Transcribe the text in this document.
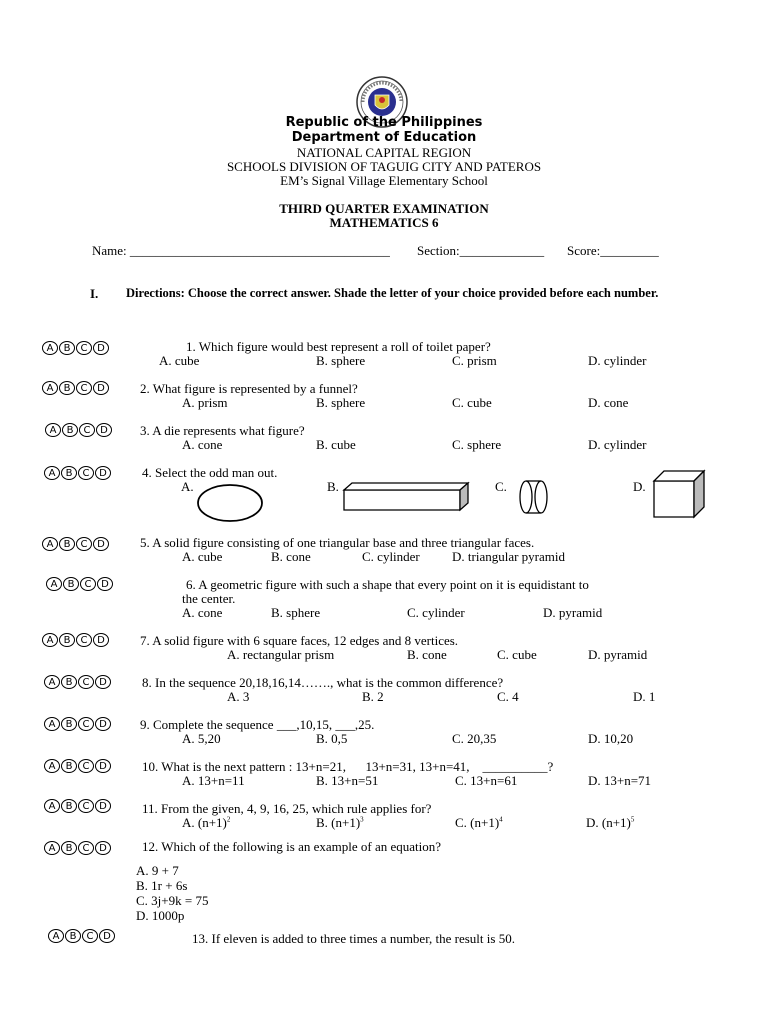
Republic of the Philippines
Department of Education
NATIONAL CAPITAL REGION
SCHOOLS DIVISION OF TAGUIG CITY AND PATEROS
EM’s Signal Village Elementary School
THIRD QUARTER EXAMINATION
MATHEMATICS 6
Name: ________________________________________ Section:_____________ Score:_________
I. Directions: Choose the correct answer. Shade the letter of your choice provided before each number.
A	B	C D
A	B	C D
A	B	C D
A	B	C D
A	B	C D
A	B	C D
A	B	C D
A	B	C D
A	B	C D
A	B	C D
A	B	C D
A	B	C D
A	B	C D
1. Which figure would best represent a roll of toilet paper?
A. cube	B. sphere	C. prism	D. cylinder
2. What figure is represented by a funnel?
A. prism	B. sphere	C. cube	D. cone
3. A die represents what figure?
A. cone	B. cube	C. sphere	D. cylinder
4. Select the odd man out.
A.	B.	C.	D.
5. A solid figure consisting of one triangular base and three triangular faces.
A. cube	B. cone	C. cylinder D. triangular pyramid
6. A geometric figure with such a shape that every point on it is equidistant to
the center.
A. cone	B. sphere	C. cylinder	D. pyramid
7. A solid figure with 6 square faces, 12 edges and 8 vertices.
A. rectangular prism	B. cone	C. cube	D. pyramid
8. In the sequence 20,18,16,14……., what is the common difference?
A. 3	B. 2	C. 4	D. 1
9. Complete the sequence ___,10,15, ___,25.
A. 5,20	B. 0,5	C. 20,35	D. 10,20
10. What is the next pattern : 13+n=21,      13+n=31, 13+n=41,    __________?
A. 13+n=11	B. 13+n=51	C. 13+n=61	D. 13+n=71
11. From the given, 4, 9, 16, 25, which rule applies for?
A. $(n+1)^2$	B. $(n+1)^3$	C. $(n+1)^4$	D. $(n+1)^5$
12. Which of the following is an example of an equation?
A. 9 + 7
B. 1r + 6s
C. 3j+9k = 75
D. 1000p
13. If eleven is added to three times a number, the result is 50.
